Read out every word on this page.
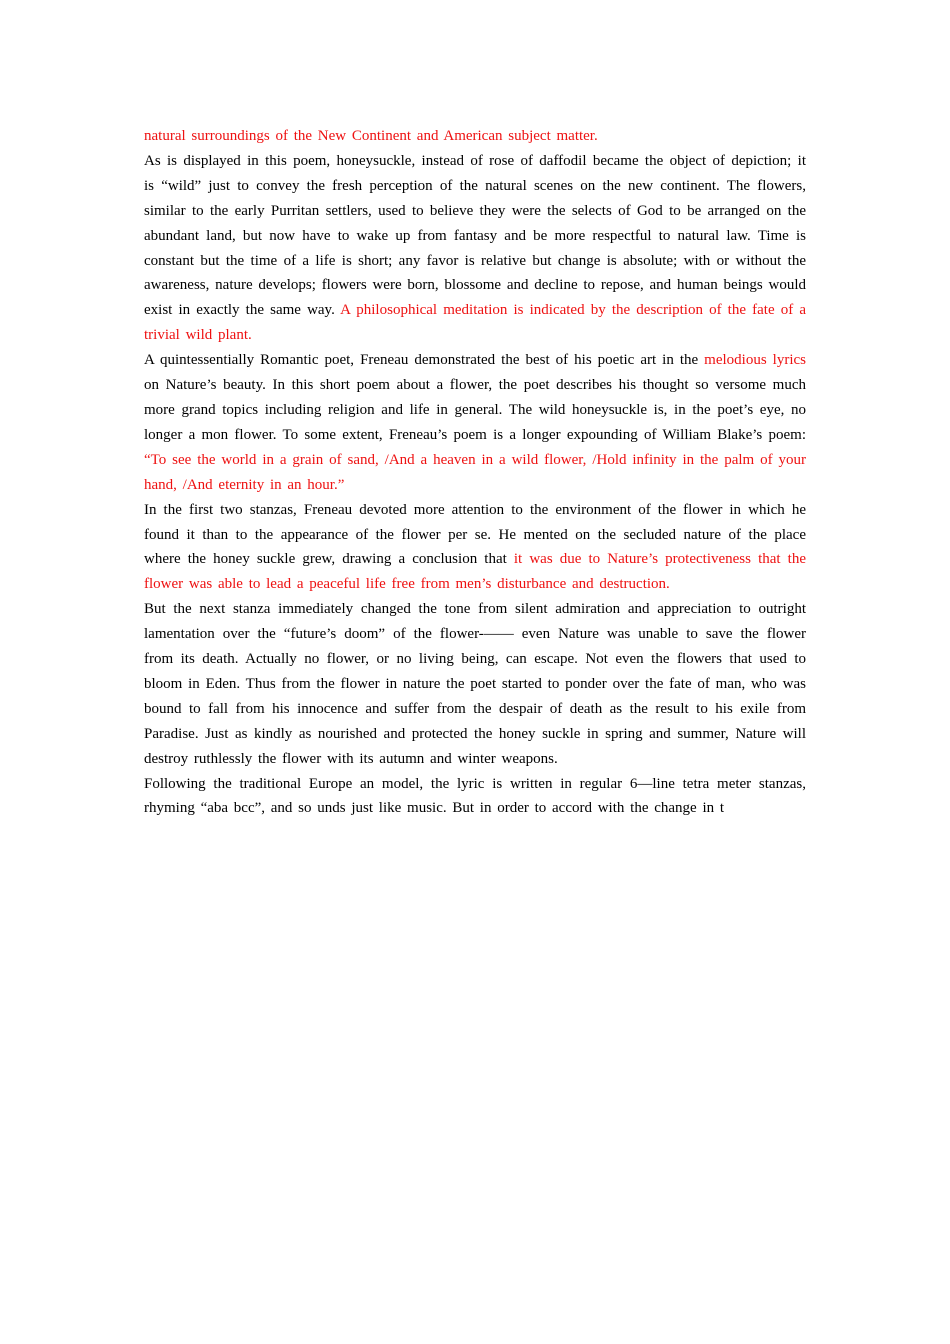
natural surroundings of the New Continent and American subject matter.

As is displayed in this poem, honeysuckle, instead of rose of daffodil became the object of depiction; it is “wild” just to convey the fresh perception of the natural scenes on the new continent. The flowers, similar to the early Purritan settlers, used to believe they were the selects of God to be arranged on the abundant land, but now have to wake up from fantasy and be more respectful to natural law. Time is constant but the time of a life is short; any favor is relative but change is absolute; with or without the awareness, nature develops; flowers were born, blossome and decline to repose, and human beings would exist in exactly the same way. A philosophical meditation is indicated by the description of the fate of a trivial wild plant.

A quintessentially Romantic poet, Freneau demonstrated the best of his poetic art in the melodious lyrics on Nature’s beauty. In this short poem about a flower, the poet describes his thought so versome much more grand topics including religion and life in general. The wild honeysuckle is, in the poet’s eye, no longer a mon flower. To some extent, Freneau’s poem is a longer expounding of William Blake’s poem: “To see the world in a grain of sand, /And a heaven in a wild flower, /Hold infinity in the palm of your hand, /And eternity in an hour.”

In the first two stanzas, Freneau devoted more attention to the environment of the flower in which he found it than to the appearance of the flower per se. He mented on the secluded nature of the place where the honey suckle grew, drawing a conclusion that it was due to Nature’s protectiveness that the flower was able to lead a peaceful life free from men’s disturbance and destruction.

But the next stanza immediately changed the tone from silent admiration and appreciation to outright lamentation over the “future’s doom” of the flower-—— even Nature was unable to save the flower from its death. Actually no flower, or no living being, can escape. Not even the flowers that used to bloom in Eden. Thus from the flower in nature the poet started to ponder over the fate of man, who was bound to fall from his innocence and suffer from the despair of death as the result to his exile from Paradise. Just as kindly as nourished and protected the honey suckle in spring and summer, Nature will destroy ruthlessly the flower with its autumn and winter weapons.

Following the traditional Europe an model, the lyric is written in regular 6—line tetra meter stanzas, rhyming “aba bcc”, and so unds just like music. But in order to accord with the change in t
